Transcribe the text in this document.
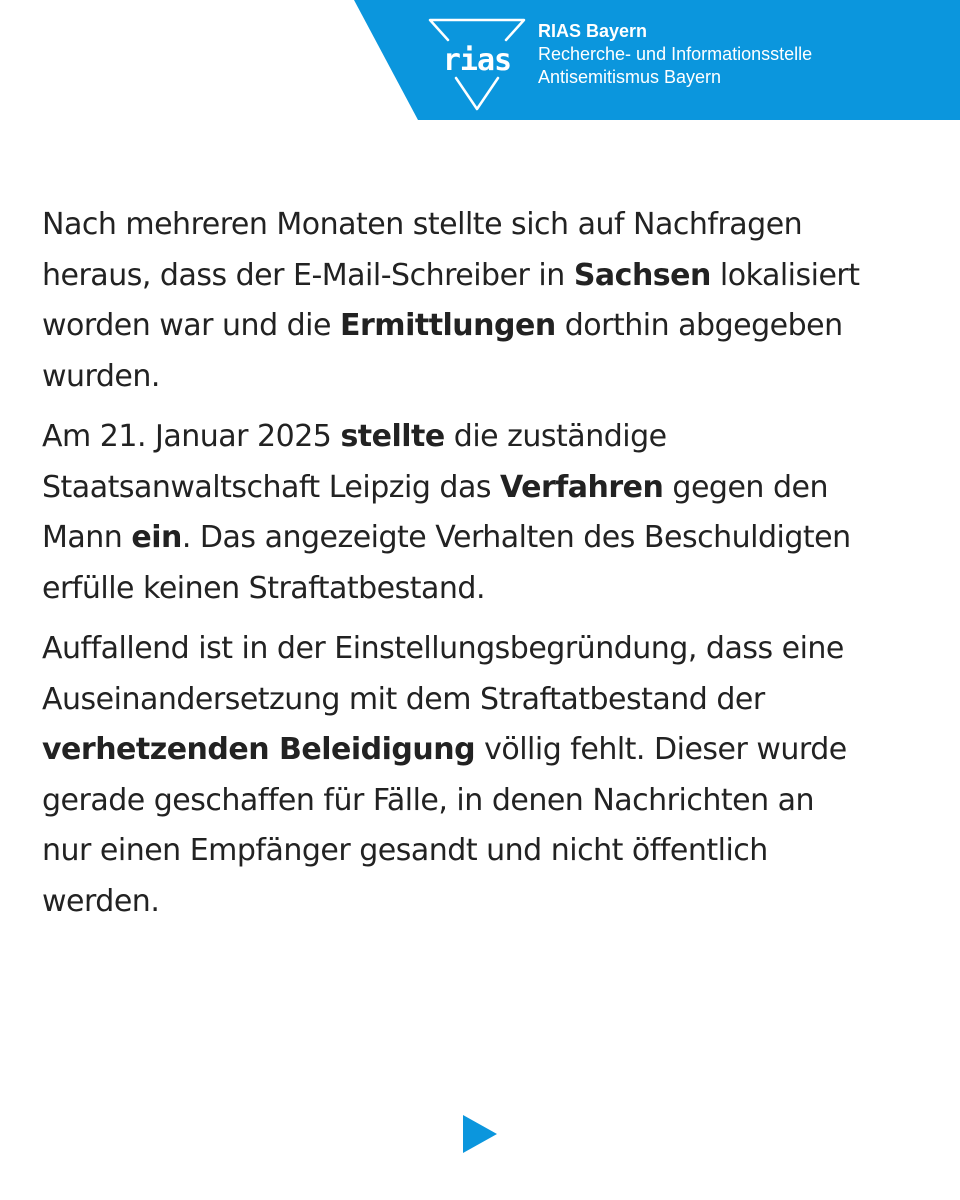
rias
RIAS Bayern
Recherche- und Informationsstelle
Antisemitismus Bayern

Nach mehreren Monaten stellte sich auf Nachfragen
heraus, dass der E-Mail-Schreiber in Sachsen lokalisiert
worden war und die Ermittlungen dorthin abgegeben
wurden.

Am 21. Januar 2025 stellte die zuständige
Staatsanwaltschaft Leipzig das Verfahren gegen den
Mann ein. Das angezeigte Verhalten des Beschuldigten
erfülle keinen Straftatbestand.

Auffallend ist in der Einstellungsbegründung, dass eine
Auseinandersetzung mit dem Straftatbestand der
verhetzenden Beleidigung völlig fehlt. Dieser wurde
gerade geschaffen für Fälle, in denen Nachrichten an
nur einen Empfänger gesandt und nicht öffentlich
werden.
